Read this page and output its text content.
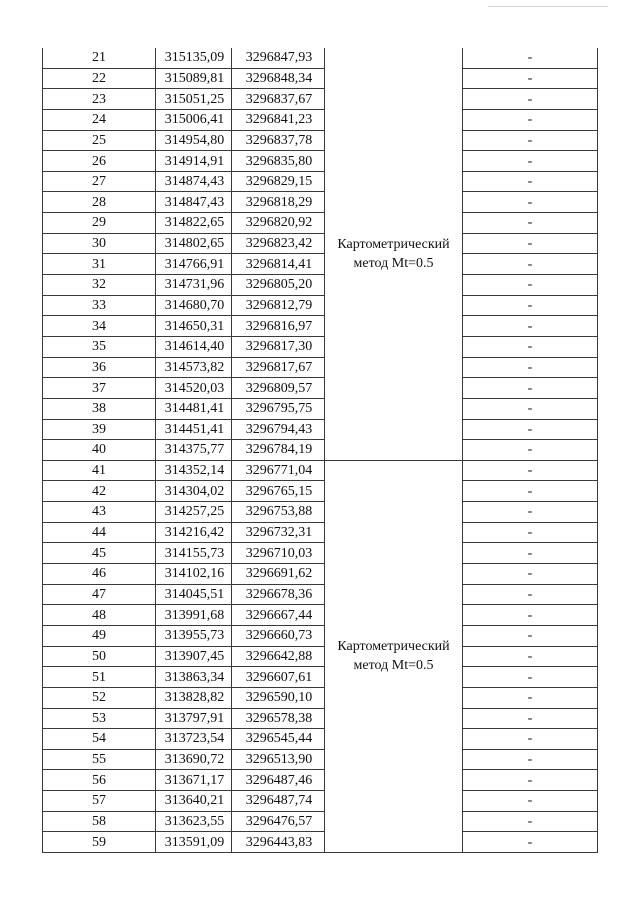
21	315135,09	3296847,93	Картометрический метод Mt=0.5	-
22	315089,81	3296848,34		-
23	315051,25	3296837,67		-
24	315006,41	3296841,23		-
25	314954,80	3296837,78		-
26	314914,91	3296835,80		-
27	314874,43	3296829,15		-
28	314847,43	3296818,29		-
29	314822,65	3296820,92		-
30	314802,65	3296823,42		-
31	314766,91	3296814,41		-
32	314731,96	3296805,20		-
33	314680,70	3296812,79		-
34	314650,31	3296816,97		-
35	314614,40	3296817,30		-
36	314573,82	3296817,67		-
37	314520,03	3296809,57		-
38	314481,41	3296795,75		-
39	314451,41	3296794,43		-
40	314375,77	3296784,19		-
41	314352,14	3296771,04	Картометрический метод Mt=0.5	-
42	314304,02	3296765,15		-
43	314257,25	3296753,88		-
44	314216,42	3296732,31		-
45	314155,73	3296710,03		-
46	314102,16	3296691,62		-
47	314045,51	3296678,36		-
48	313991,68	3296667,44		-
49	313955,73	3296660,73		-
50	313907,45	3296642,88		-
51	313863,34	3296607,61		-
52	313828,82	3296590,10		-
53	313797,91	3296578,38		-
54	313723,54	3296545,44		-
55	313690,72	3296513,90		-
56	313671,17	3296487,46		-
57	313640,21	3296487,74		-
58	313623,55	3296476,57		-
59	313591,09	3296443,83		-
